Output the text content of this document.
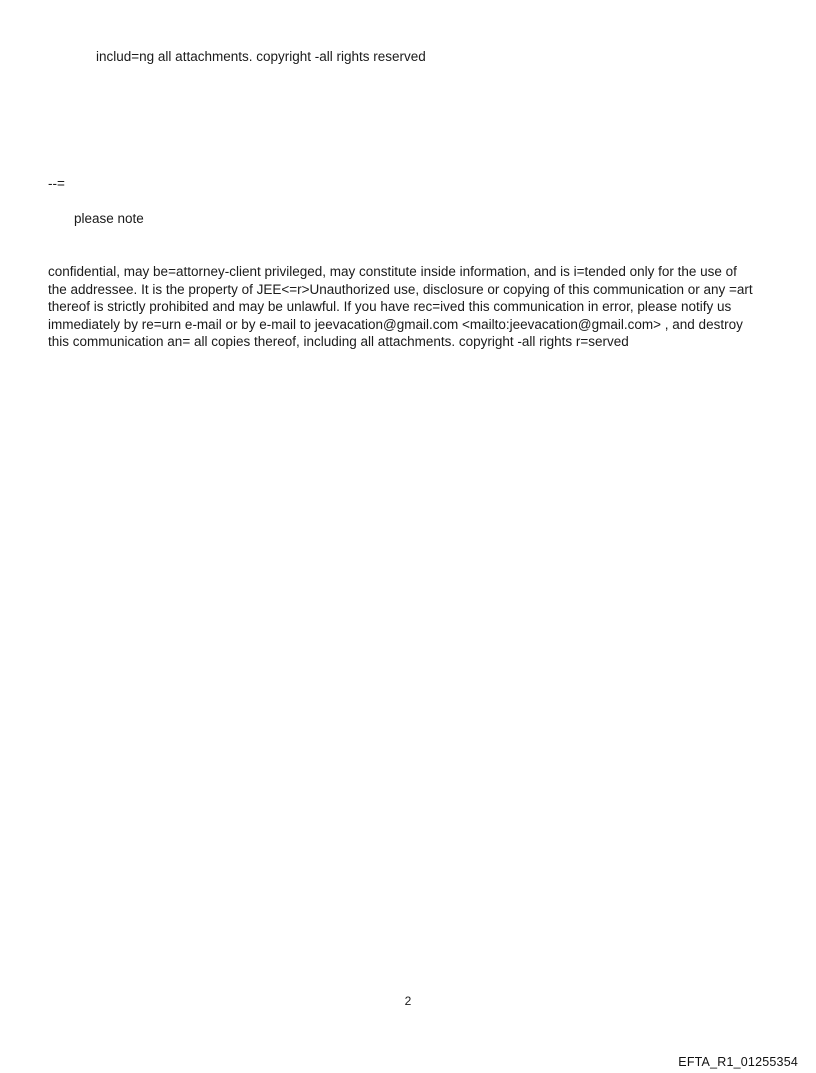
includ=ng all attachments. copyright -all rights reserved
--=
please note
confidential, may be=attorney-client privileged, may constitute inside information, and is i=tended only for the use of
the addressee. It is the property of JEE<=r>Unauthorized use, disclosure or copying of this communication or any =art
thereof is strictly prohibited and may be unlawful. If you have rec=ived this communication in error, please notify us
immediately by re=urn e-mail or by e-mail to jeevacation@gmail.com <mailto:jeevacation@gmail.com> , and destroy
this communication an= all copies thereof, including all attachments. copyright -all rights r=served
2
EFTA_R1_01255354
